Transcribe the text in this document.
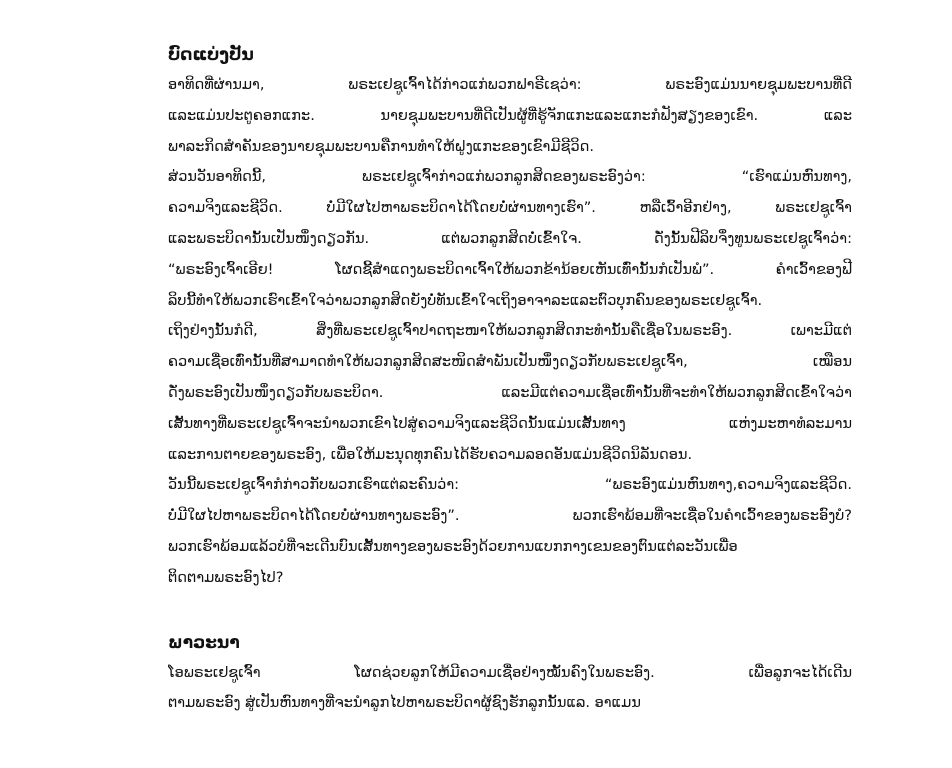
ບົດແບ່ງປັນ
ອາທິດທີ່ຜ່ານມາ, ພຣະເຢຊູເຈົ້າໄດ້ກ່າວແກ່ພວກຟາຣີເຊວ່າ: ພຣະອົງແມ່ນນາຍຊຸມພະບານທີ່ດີ
ແລະແມ່ນປະຕູຄອກແກະ. ນາຍຊຸມພະບານທີ່ດີເປັນຜູ້ທີ່ຮູ້ຈັກແກະແລະແກະກໍຟັງສຽງຂອງເຂົາ. ແລະ
ພາລະກິດສຳຄັນຂອງນາຍຊຸມພະບານຄືການທຳໃຫ້ຝູງແກະຂອງເຂົາມີຊີວິດ.
ສ່ວນວັນອາທິດນີ້, ພຣະເຢຊູເຈົ້າກ່າວແກ່ພວກລູກສິດຂອງພຣະອົງວ່າ: “ເຮົາແມ່ນຫົນທາງ,
ຄວາມຈິງແລະຊີວິດ. ບໍ່ມີໃຜໄປຫາພຣະບິດາໄດ້ໂດຍບໍ່ຜ່ານທາງເຮົາ”. ຫລືເວົ້າອີກຢ່າງ, ພຣະເຢຊູເຈົ້າ
ແລະພຣະບິດານັ້ນເປັນໜຶ່ງດຽວກັນ. ແຕ່ພວກລູກສິດບໍ່ເຂົ້າໃຈ. ດັ່ງນັ້ນຟີລິບຈຶ່ງທູນພຣະເຢຊູເຈົ້າວ່າ:
“ພຣະອົງເຈົ້າເອີຍ! ໂຜດຊີ້ສຳແດງພຣະບິດາເຈົ້າໃຫ້ພວກຂ້ານ້ອຍເຫັນເທົ່ານັ້ນກໍເປັນພໍ”. ຄຳເວົ້າຂອງຟີ
ລິບນີ້ທຳໃຫ້ພວກເຮົາເຂົ້າໃຈວ່າພວກລູກສິດຍັງບໍ່ທັນເຂົ້າໃຈເຖິງອາຈາລະແລະຕົວບຸກຄົນຂອງພຣະເຢຊູເຈົ້າ.
ເຖິງຢ່າງນັ້ນກໍດີ, ສິ່ງທີ່ພຣະເຢຊູເຈົ້າປາດຖະໜາໃຫ້ພວກລູກສິດກະທຳນັ້ນຄືເຊື່ອໃນພຣະອົງ. ເພາະມີແຕ່
ຄວາມເຊື່ອເທົ່ານັ້ນທີ່ສາມາດທຳໃຫ້ພວກລູກສິດສະໜິດສຳພັນເປັນໜຶ່ງດຽວກັບພຣະເຢຊູເຈົ້າ, ເໝືອນ
ດັ່ງພຣະອົງເປັນໜຶ່ງດຽວກັບພຣະບິດາ. ແລະມີແຕ່ຄວາມເຊື່ອເທົ່ານັ້ນທີ່ຈະທຳໃຫ້ພວກລູກສິດເຂົ້າໃຈວ່າ
ເສັ້ນທາງທີ່ພຣະເຢຊູເຈົ້າຈະນຳພວກເຂົາໄປສູ່ຄວາມຈິງແລະຊີວິດນັ້ນແມ່ນເສັ້ນທາງ ແຫ່ງມະຫາທໍລະມານ
ແລະການຕາຍຂອງພຣະອົງ, ເພື່ອໃຫ້ມະນຸດທຸກຄົນໄດ້ຮັບຄວາມລອດອັນແມ່ນຊີວິດນິລັນດອນ.
ວັນນີ້ພຣະເຢຊູເຈົ້າກໍກ່າວກັບພວກເຮົາແຕ່ລະຄົນວ່າ: “ພຣະອົງແມ່ນຫົນທາງ,ຄວາມຈິງແລະຊີວິດ.
ບໍ່ມີໃຜໄປຫາພຣະບິດາໄດ້ໂດຍບໍ່ຜ່ານທາງພຣະອົງ”. ພວກເຮົາພ້ອມທີ່ຈະເຊື່ອໃນຄຳເວົ້າຂອງພຣະອົງບໍ?
ພວກເຮົາພ້ອມແລ້ວບໍທີ່ຈະເດີນບົນເສັ້ນທາງຂອງພຣະອົງດ້ວຍການແບກກາງເຂນຂອງຕົນແຕ່ລະວັນເພື່ອ
ຕິດຕາມພຣະອົງໄປ?
ພາວະນາ
ໂອພຣະເຢຊູເຈົ້າ ໂຜດຊ່ວຍລູກໃຫ້ມີຄວາມເຊື່ອຢ່າງໝັ້ນຄົງໃນພຣະອົງ. ເພື່ອລູກຈະໄດ້ເດີນ
ຕາມພຣະອົງ ສູ່ເປັນຫົນທາງທີ່ຈະນຳລູກໄປຫາພຣະບິດາຜູ້ຊົງຮັກລູກນັ້ນແລ. ອາແມນ
